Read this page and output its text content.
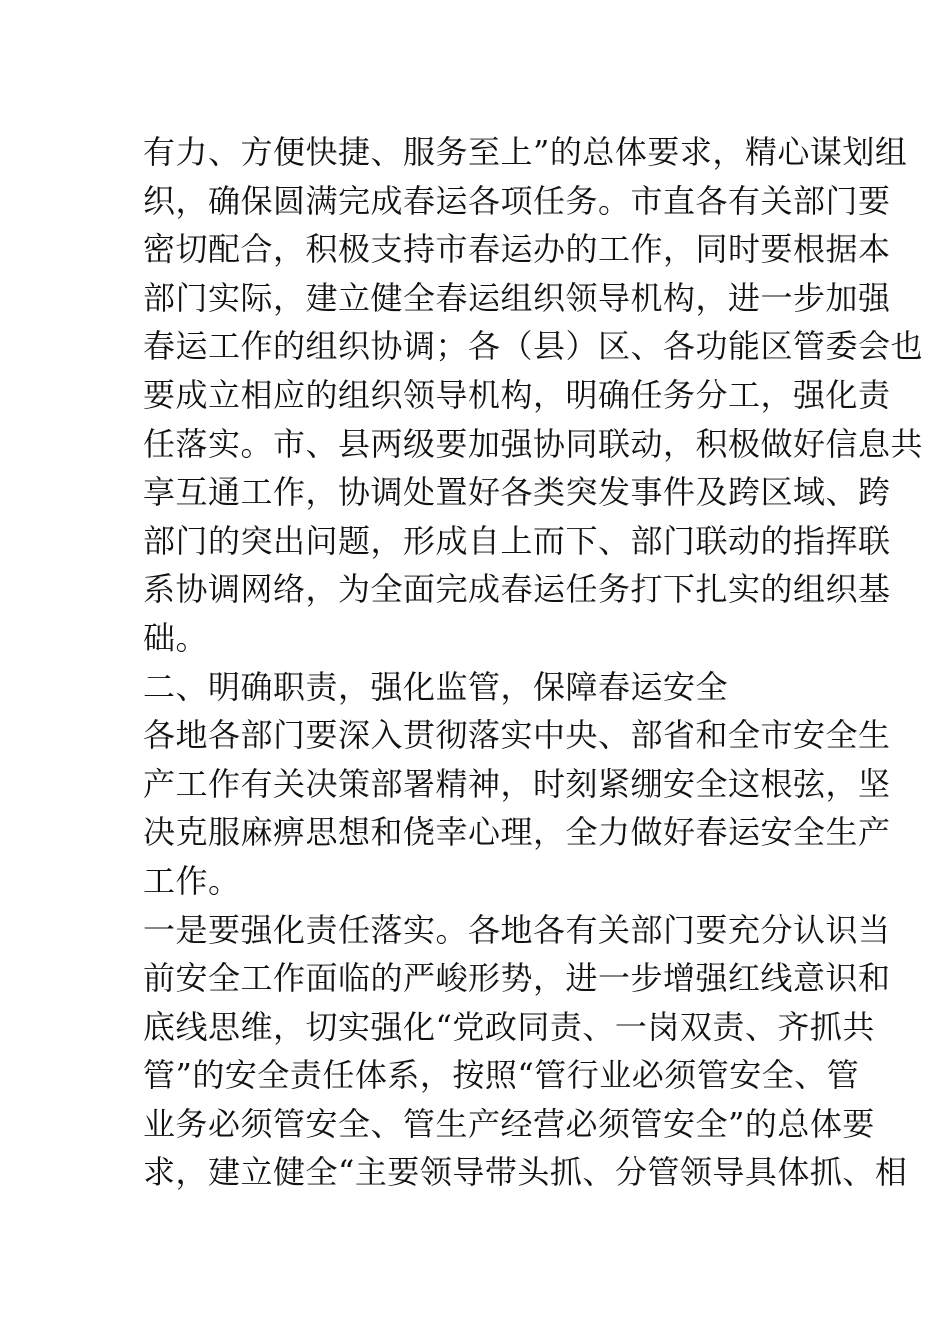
有力、方便快捷、服务至上”的总体要求，精心谋划组
织，确保圆满完成春运各项任务。市直各有关部门要
密切配合，积极支持市春运办的工作，同时要根据本
部门实际，建立健全春运组织领导机构，进一步加强
春运工作的组织协调；各（县）区、各功能区管委会也
要成立相应的组织领导机构，明确任务分工，强化责
任落实。市、县两级要加强协同联动，积极做好信息共
享互通工作，协调处置好各类突发事件及跨区域、跨
部门的突出问题，形成自上而下、部门联动的指挥联
系协调网络，为全面完成春运任务打下扎实的组织基
础。
二、明确职责，强化监管，保障春运安全
各地各部门要深入贯彻落实中央、部省和全市安全生
产工作有关决策部署精神，时刻紧绷安全这根弦，坚
决克服麻痹思想和侥幸心理，全力做好春运安全生产
工作。
一是要强化责任落实。各地各有关部门要充分认识当
前安全工作面临的严峻形势，进一步增强红线意识和
底线思维，切实强化“党政同责、一岗双责、齐抓共
管”的安全责任体系，按照“管行业必须管安全、管
业务必须管安全、管生产经营必须管安全”的总体要
求，建立健全“主要领导带头抓、分管领导具体抓、相
